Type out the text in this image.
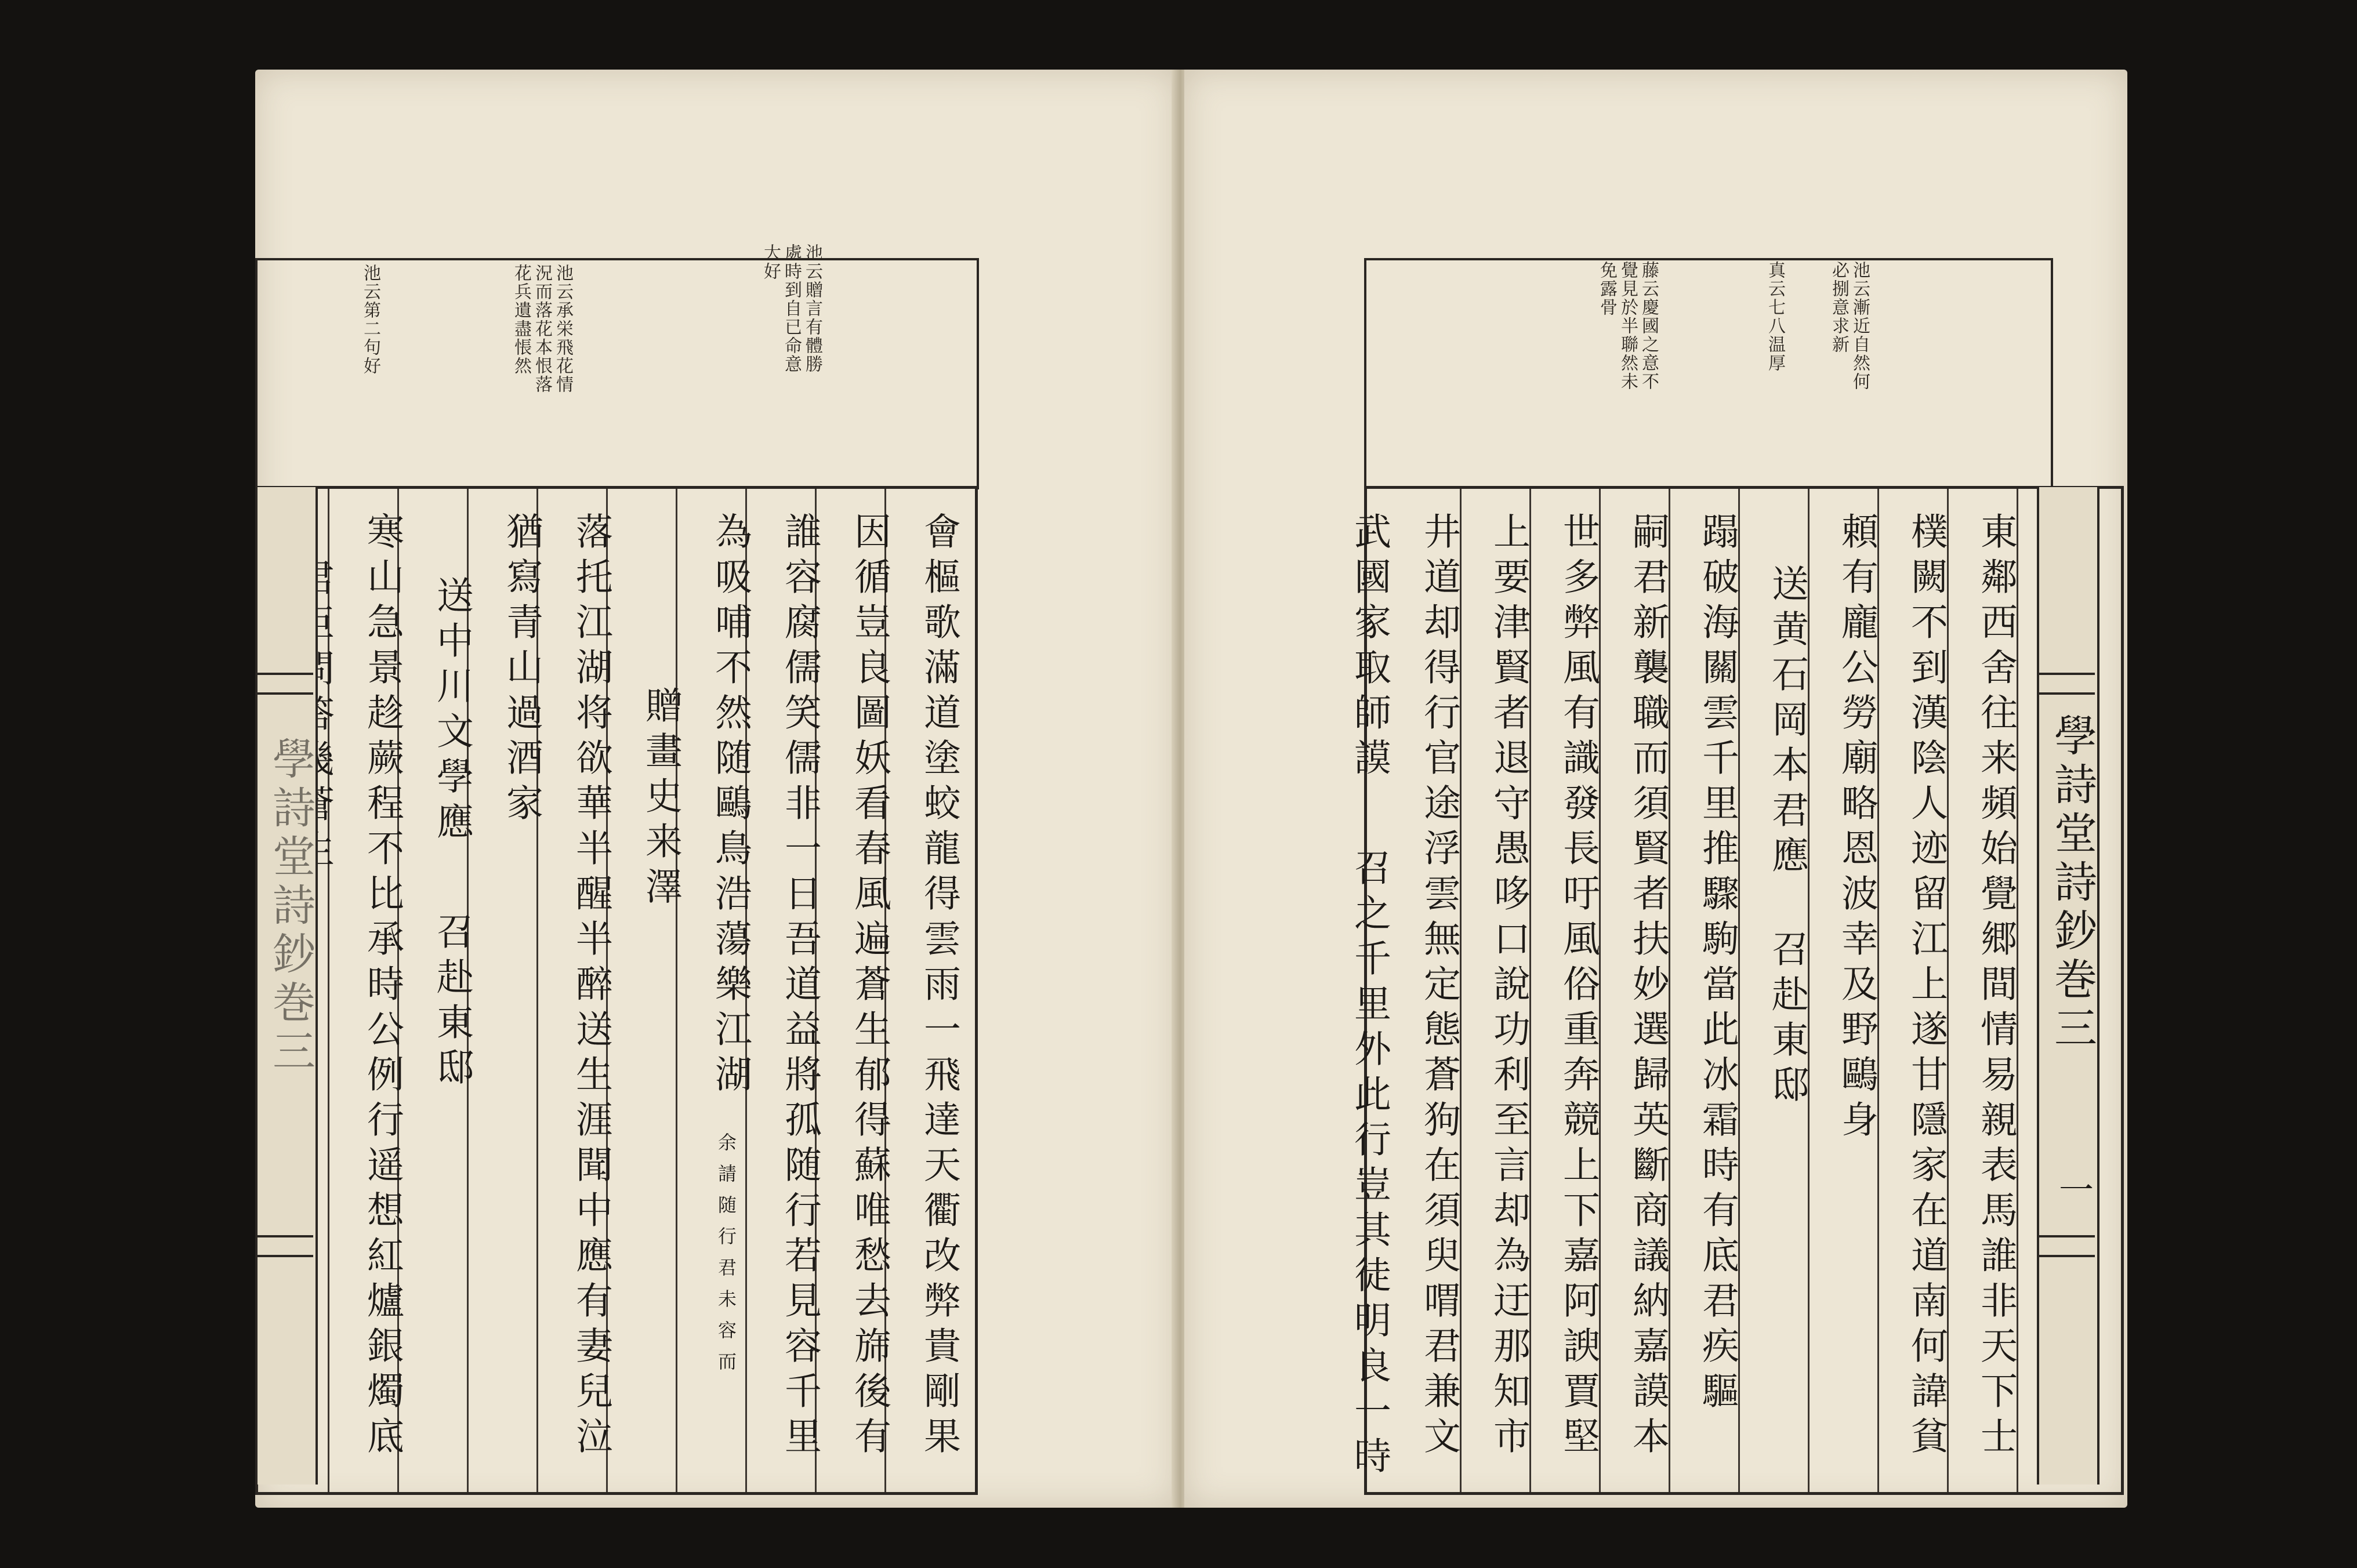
池云第二句好	池云承栄飛花情
況而落花本恨落
花兵遺盡悵然	池云贈言有體勝
處時到自已命意
大好
會樞歌滿道塗蛟龍得雲雨一飛達天衢改弊貴剛果
因循豈良圖妖看春風遍蒼生郁得蘇唯愁去旆後有
誰容腐儒笑儒非一日吾道益將孤随行若見容千里
為吸哺不然随鷗鳥浩蕩樂江湖
余請随行君未容而
贈畫史来澤
落托江湖将欲華半醒半醉送生涯聞中應有妻兒泣
猶寫青山過酒家
送中川文學應
召赴東邸
寒山急景趁蕨程不比承時公例行遥想紅爐銀燭底
學詩堂詩鈔巻三
池云漸近自然何
必捌意求新
真云七八温厚
藤云慶國之意不
覺見於半聯然未
免露骨
東鄰西舍往来頻始覺郷間情易親表馬誰非天下士
樸闕不到漢陰人迹留江上遂甘隱家在道南何諱貧
頼有龐公勞廟略恩波幸及野鷗身
送黄石岡本君應
召赴東邸
蹋破海關雲千里推驟駒當此冰霜時有底君疾驅
嗣君新襲職而須賢者扶妙選歸英斷商議納嘉謨本
世多弊風有識發長吁風俗重奔競上下嘉阿諛賈堅
上要津賢者退守愚哆口說功利至言却為迂那知市
井道却得行官途浮雲無定態蒼狗在須臾喟君兼文
武國家取師謨
召之千里外此行豈其徒明良一時	學詩堂詩鈔巻三
一
